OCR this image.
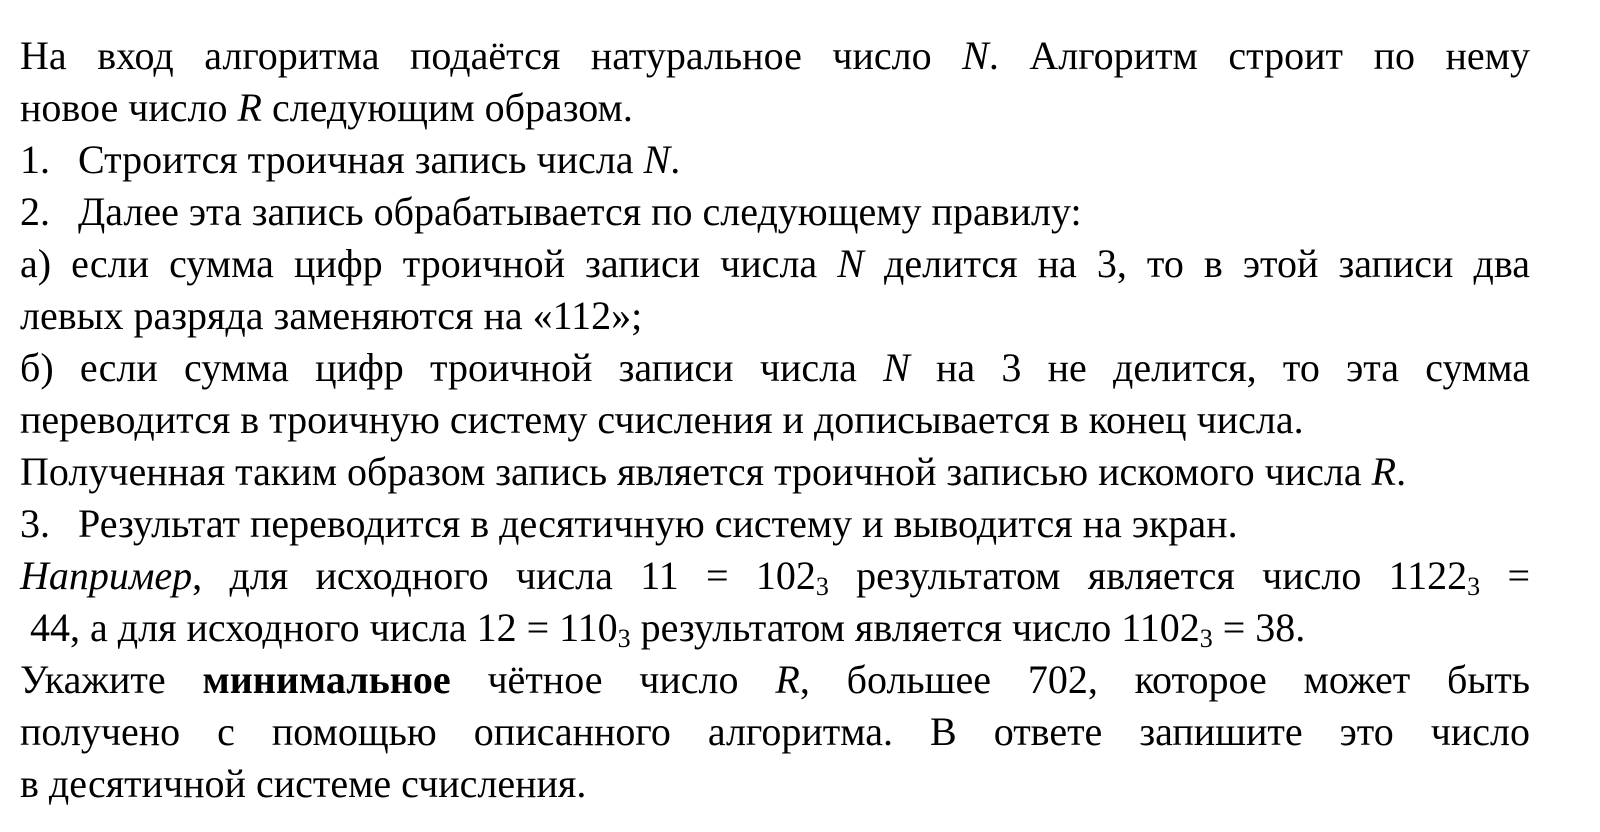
На вход алгоритма подаётся натуральное число N. Алгоритм строит по нему
новое число R следующим образом.
1. Строится троичная запись числа N.
2. Далее эта запись обрабатывается по следующему правилу:
а) если сумма цифр троичной записи числа N делится на 3, то в этой записи два
левых разряда заменяются на «112»;
б) если сумма цифр троичной записи числа N на 3 не делится, то эта сумма
переводится в троичную систему счисления и дописывается в конец числа.
Полученная таким образом запись является троичной записью искомого числа R.
3. Результат переводится в десятичную систему и выводится на экран.
Например, для исходного числа $11 = 102_3$ результатом является число $1122_3$ =
44, а для исходного числа $12 = 110_3$ результатом является число $1102_3 = 38$.
Укажите минимальное чётное число R, большее 702, которое может быть
получено с помощью описанного алгоритма. В ответе запишите это число
в десятичной системе счисления.
